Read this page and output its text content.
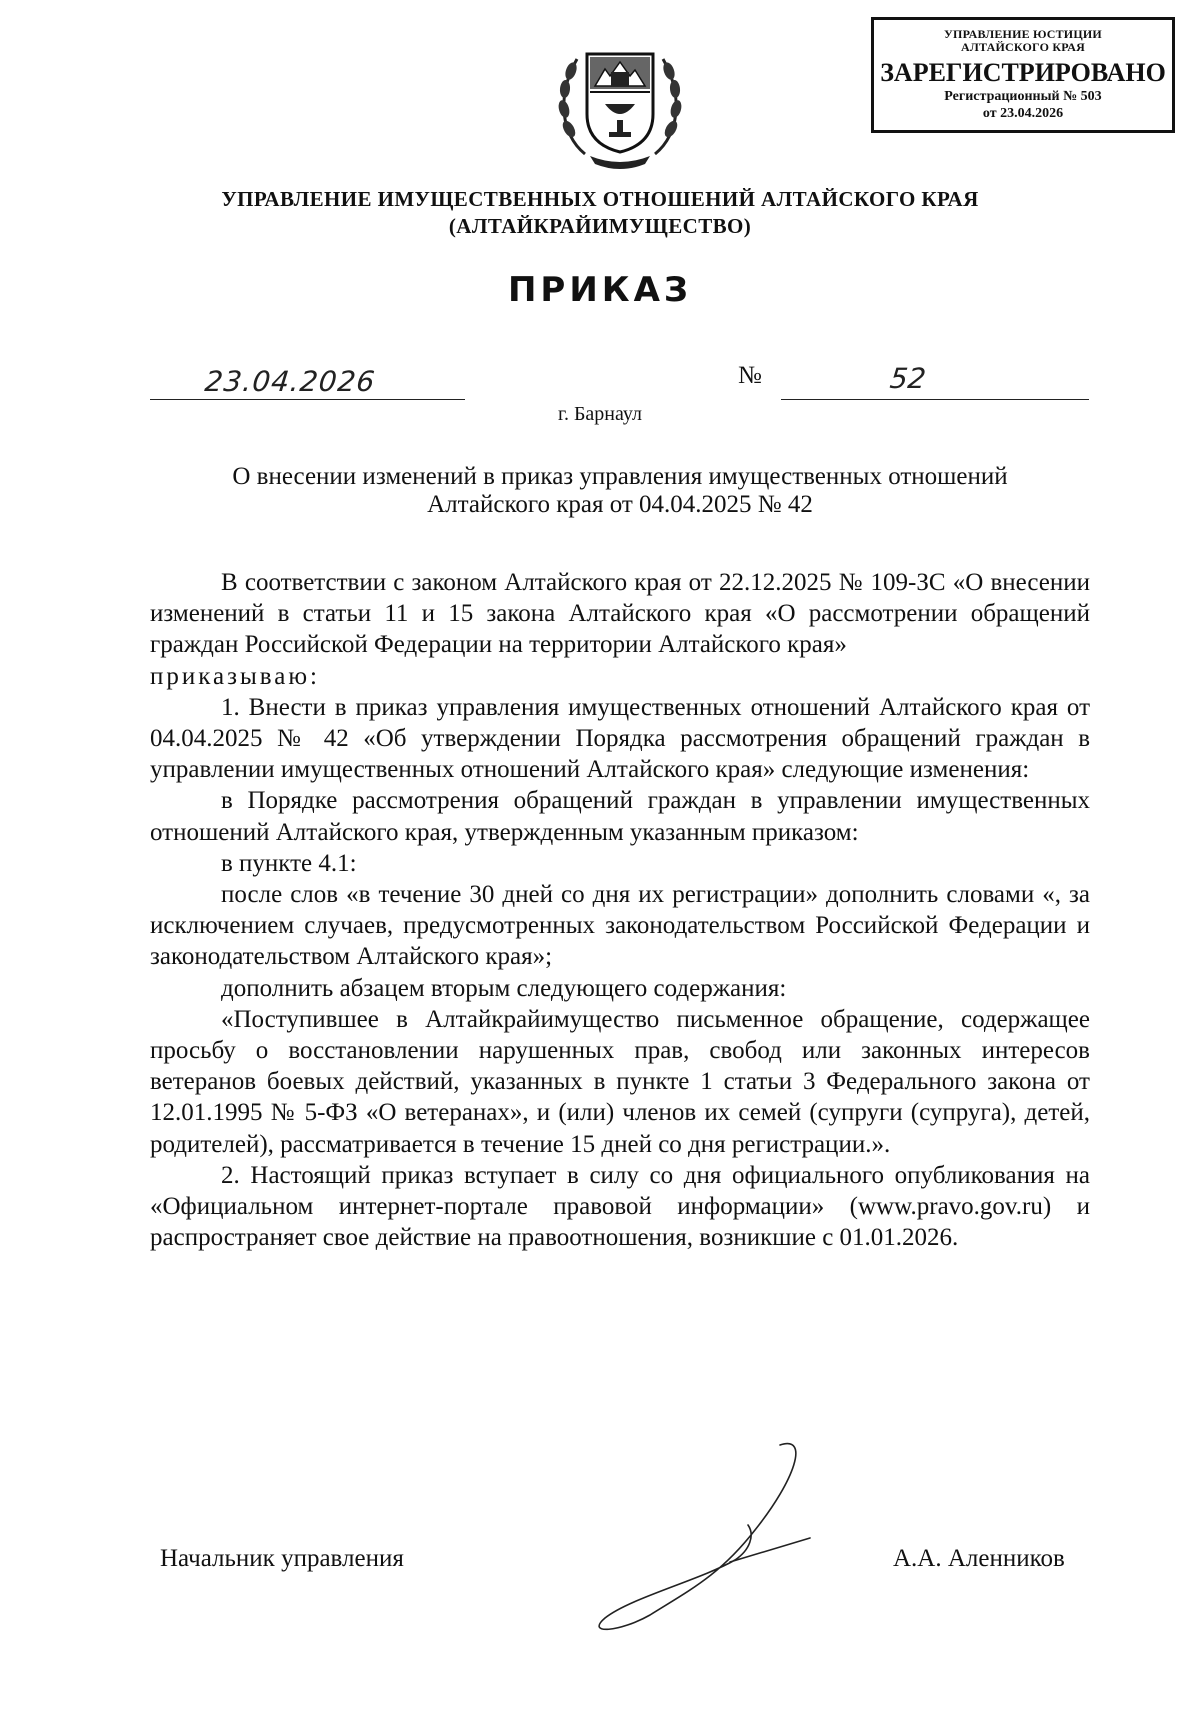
УПРАВЛЕНИЕ ЮСТИЦИИ
АЛТАЙСКОГО КРАЯ
ЗАРЕГИСТРИРОВАНО
Регистрационный № 503
от 23.04.2026
УПРАВЛЕНИЕ ИМУЩЕСТВЕННЫХ ОТНОШЕНИЙ АЛТАЙСКОГО КРАЯ
(АЛТАЙКРАЙИМУЩЕСТВО)
ПРИКАЗ
23.04.2026	№	52
г. Барнаул
О внесении изменений в приказ управления имущественных отношений
Алтайского края от 04.04.2025 № 42

В соответствии с законом Алтайского края от 22.12.2025 № 109-ЗС «О внесении изменений в статьи 11 и 15 закона Алтайского края «О рассмотрении обращений граждан Российской Федерации на территории Алтайского края»

приказываю:

1. Внести в приказ управления имущественных отношений Алтайского края от 04.04.2025 № 42 «Об утверждении Порядка рассмотрения обращений граждан в управлении имущественных отношений Алтайского края» следующие изменения:

в Порядке рассмотрения обращений граждан в управлении имущественных отношений Алтайского края, утвержденным указанным приказом:

в пункте 4.1:

после слов «в течение 30 дней со дня их регистрации» дополнить словами «, за исключением случаев, предусмотренных законодательством Российской Федерации и законодательством Алтайского края»;

дополнить абзацем вторым следующего содержания:

«Поступившее в Алтайкрайимущество письменное обращение, содержащее просьбу о восстановлении нарушенных прав, свобод или законных интересов ветеранов боевых действий, указанных в пункте 1 статьи 3 Федерального закона от 12.01.1995 № 5-ФЗ «О ветеранах», и (или) членов их семей (супруги (супруга), детей, родителей), рассматривается в течение 15 дней со дня регистрации.».

2. Настоящий приказ вступает в силу со дня официального опубликования на «Официальном интернет-портале правовой информации» (www.pravo.gov.ru) и распространяет свое действие на правоотношения, возникшие с 01.01.2026.

Начальник управления	А.А. Аленников
